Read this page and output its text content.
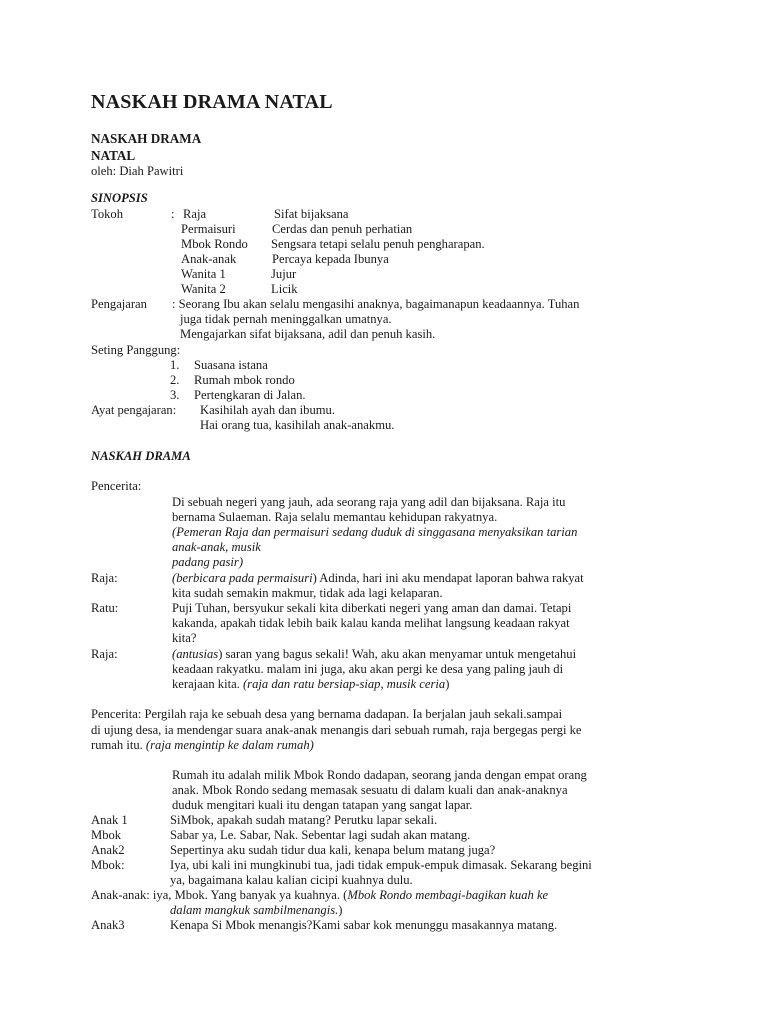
NASKAH DRAMA NATAL
NASKAH DRAMA
NATAL
oleh: Diah Pawitri
SINOPSIS
Tokoh	: Raja	Sifat bijaksana
Permaisuri	Cerdas dan penuh perhatian
Mbok Rondo Sengsara tetapi selalu penuh pengharapan.
Anak-anak	Percaya kepada Ibunya
Wanita 1	Jujur
Wanita 2	Licik
Pengajaran : Seorang Ibu akan selalu mengasihi anaknya, bagaimanapun keadaannya. Tuhan
juga tidak pernah meninggalkan umatnya.
Mengajarkan sifat bijaksana, adil dan penuh kasih.
Seting Panggung:
1. Suasana istana
2. Rumah mbok rondo
3. Pertengkaran di Jalan.
Ayat pengajaran: Kasihilah ayah dan ibumu.
Hai orang tua, kasihilah anak-anakmu.
NASKAH DRAMA
Pencerita:
Di sebuah negeri yang jauh, ada seorang raja yang adil dan bijaksana. Raja itu
bernama Sulaeman. Raja selalu memantau kehidupan rakyatnya.
(Pemeran Raja dan permaisuri sedang duduk di singgasana menyaksikan tarian
anak-anak, musik
padang pasir)
Raja:	(berbicara pada permaisuri) Adinda, hari ini aku mendapat laporan bahwa rakyat
kita sudah semakin makmur, tidak ada lagi kelaparan.
Ratu:	Puji Tuhan, bersyukur sekali kita diberkati negeri yang aman dan damai. Tetapi
kakanda, apakah tidak lebih baik kalau kanda melihat langsung keadaan rakyat
kita?
Raja:	(antusias) saran yang bagus sekali! Wah, aku akan menyamar untuk mengetahui
keadaan rakyatku. malam ini juga, aku akan pergi ke desa yang paling jauh di
kerajaan kita. (raja dan ratu bersiap-siap, musik ceria)
Pencerita: Pergilah raja ke sebuah desa yang bernama dadapan. Ia berjalan jauh sekali.sampai
di ujung desa, ia mendengar suara anak-anak menangis dari sebuah rumah, raja bergegas pergi ke
rumah itu. (raja mengintip ke dalam rumah)
Rumah itu adalah milik Mbok Rondo dadapan, seorang janda dengan empat orang
anak. Mbok Rondo sedang memasak sesuatu di dalam kuali dan anak-anaknya
duduk mengitari kuali itu dengan tatapan yang sangat lapar.
Anak 1	SiMbok, apakah sudah matang? Perutku lapar sekali.
Mbok	Sabar ya, Le. Sabar, Nak. Sebentar lagi sudah akan matang.
Anak2	Sepertinya aku sudah tidur dua kali, kenapa belum matang juga?
Mbok:	Iya, ubi kali ini mungkinubi tua, jadi tidak empuk-empuk dimasak. Sekarang begini
ya, bagaimana kalau kalian cicipi kuahnya dulu.
Anak-anak: iya, Mbok. Yang banyak ya kuahnya. (Mbok Rondo membagi-bagikan kuah ke
dalam mangkuk sambilmenangis.)
Anak3	Kenapa Si Mbok menangis?Kami sabar kok menunggu masakannya matang.
